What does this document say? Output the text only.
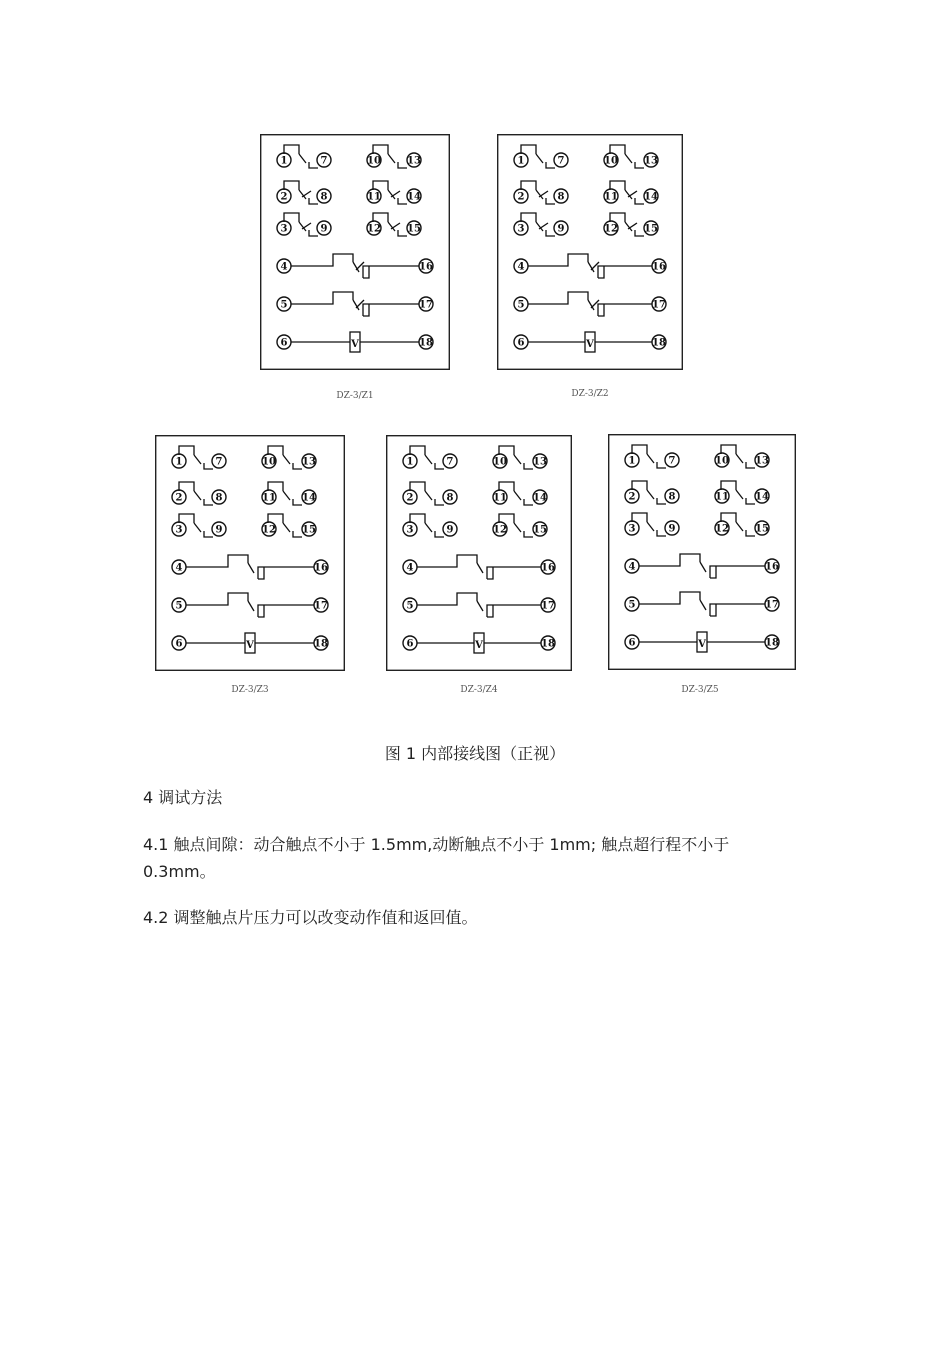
1	7	10	13
2	8	11	14
3	9	12	15
4	16
5	17
6	18
V
DZ-3/Z1
1	7	10	13
2	8	11	14
3	9	12	15
4	16
5	17
6	18
V
DZ-3/Z2
1	7	10	13
2	8	11	14
3	9	12	15
4	16
5	17
6	18
V
DZ-3/Z3
1	7	10	13
2	8	11	14
3	9	12	15
4	16
5	17
6	18
V
DZ-3/Z4
1	7	10	13
2	8	11	14
3	9	12	15
4	16
5	17
6	18
V
DZ-3/Z5
图 1 内部接线图（正视）
4 调试方法
4.1 触点间隙：动合触点不小于 1.5mm,动断触点不小于 1mm; 触点超行程不小于
0.3mm。
4.2 调整触点片压力可以改变动作值和返回值。
